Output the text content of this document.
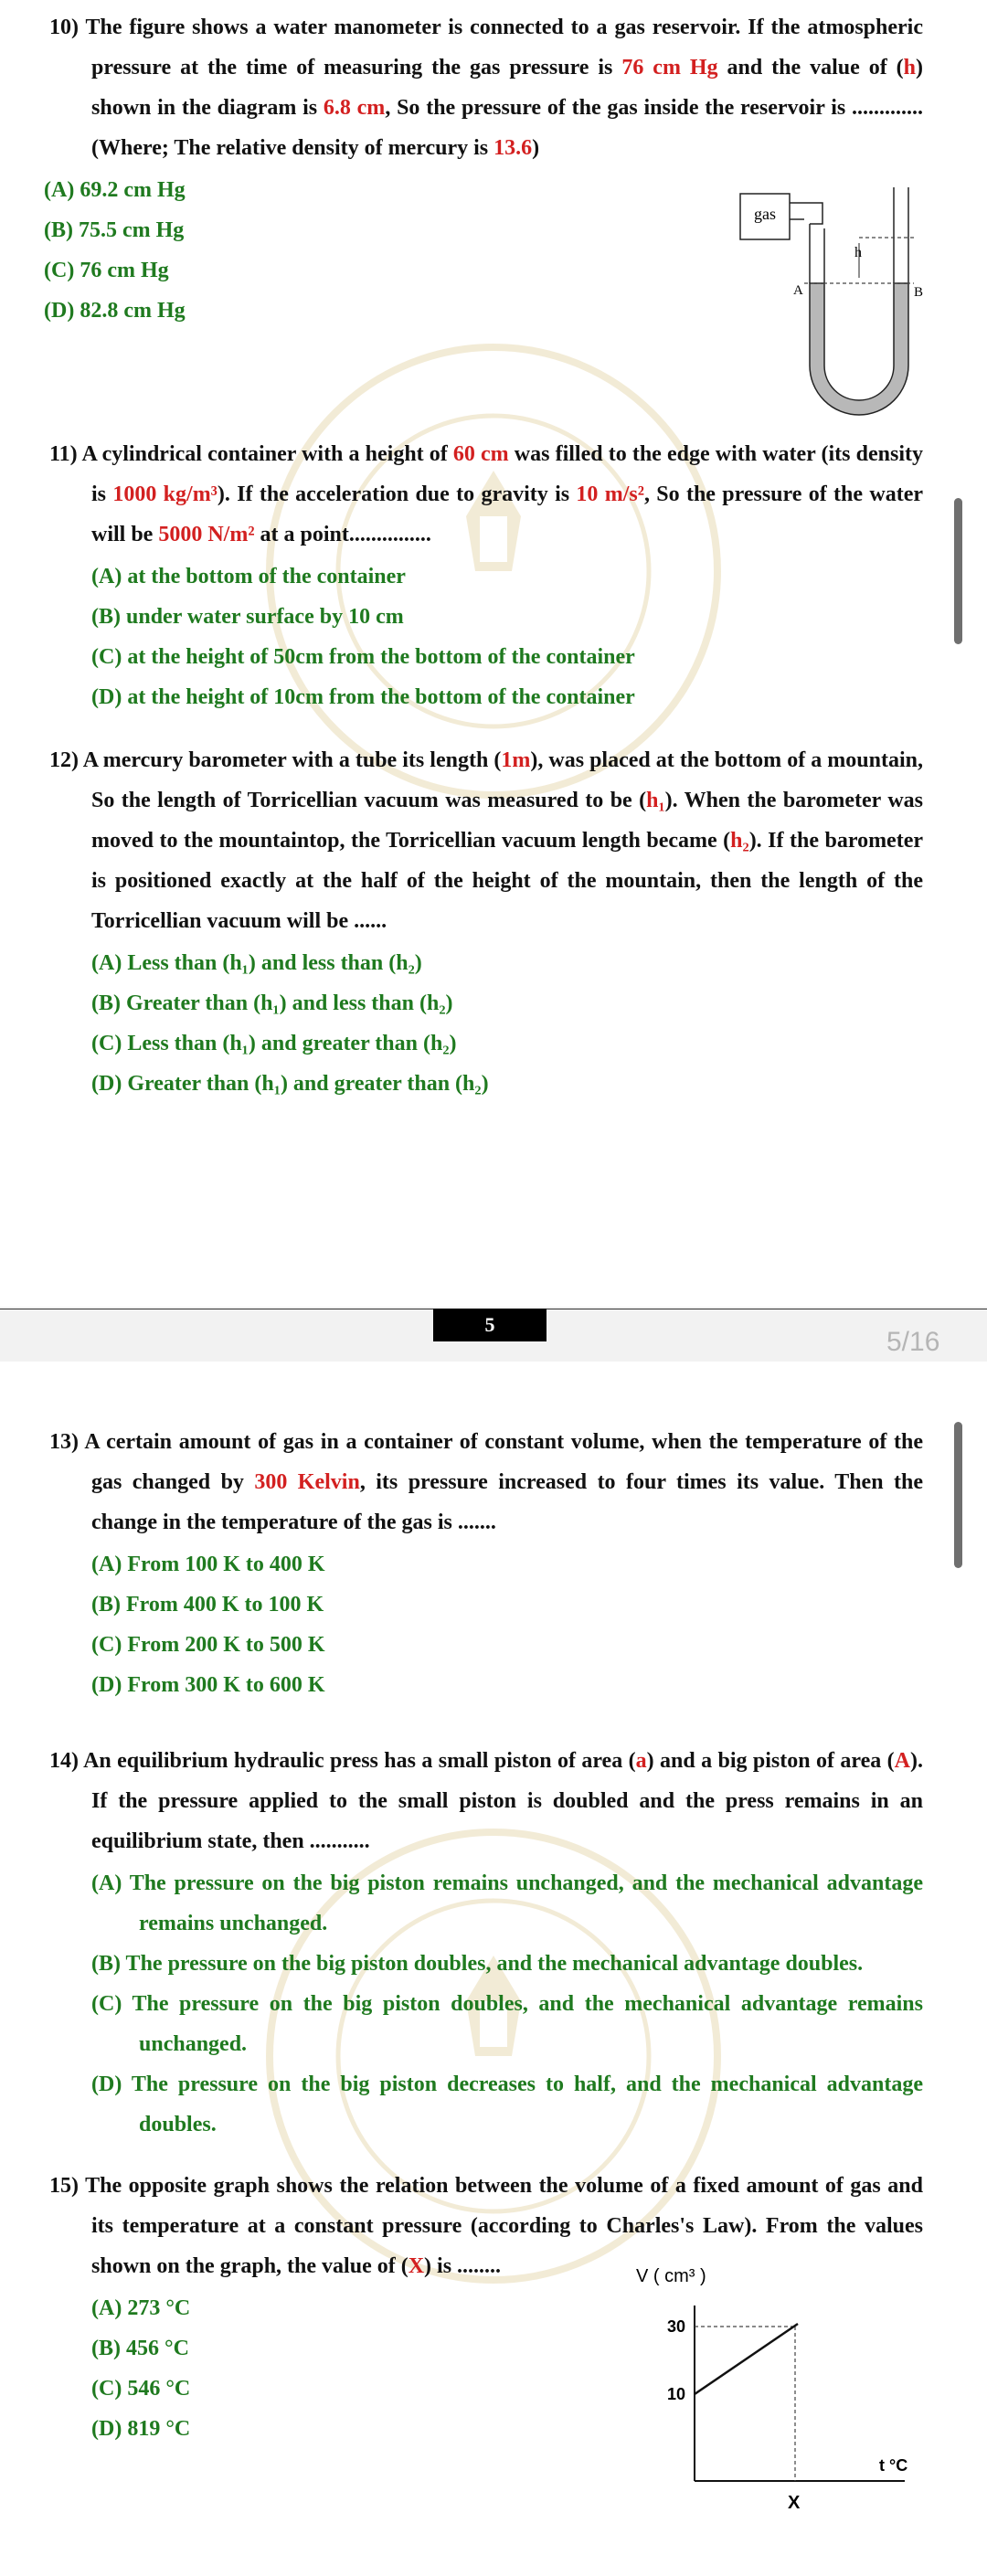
10) The figure shows a water manometer is connected to a gas reservoir. If the atmospheric pressure at the time of measuring the gas pressure is 76 cm Hg and the value of (h) shown in the diagram is 6.8 cm, So the pressure of the gas inside the reservoir is ............. (Where; The relative density of mercury is 13.6)

(A) 69.2 cm Hg

(B) 75.5 cm Hg

(C) 76 cm Hg

(D) 82.8 cm Hg

gas
h
A	B

11) A cylindrical container with a height of 60 cm was filled to the edge with water (its density is 1000 kg/m³). If the acceleration due to gravity is 10 m/s², So the pressure of the water will be 5000 N/m² at a point...............

(A) at the bottom of the container

(B) under water surface by 10 cm

(C) at the height of 50cm from the bottom of the container

(D) at the height of 10cm from the bottom of the container

12) A mercury barometer with a tube its length (1m), was placed at the bottom of a mountain, So the length of Torricellian vacuum was measured to be (h₁). When the barometer was moved to the mountaintop, the Torricellian vacuum length became (h₂). If the barometer is positioned exactly at the half of the height of the mountain, then the length of the Torricellian vacuum will be ......

(A) Less than (h₁) and less than (h₂)

(B) Greater than (h₁) and less than (h₂)

(C) Less than (h₁) and greater than (h₂)

(D) Greater than (h₁) and greater than (h₂)

5
5/16

13) A certain amount of gas in a container of constant volume, when the temperature of the gas changed by 300 Kelvin, its pressure increased to four times its value. Then the change in the temperature of the gas is .......

(A) From 100 K to 400 K

(B) From 400 K to 100 K

(C) From 200 K to 500 K

(D) From 300 K to 600 K

14) An equilibrium hydraulic press has a small piston of area (a) and a big piston of area (A). If the pressure applied to the small piston is doubled and the press remains in an equilibrium state, then ...........

(A) The pressure on the big piston remains unchanged, and the mechanical advantage remains unchanged.

(B) The pressure on the big piston doubles, and the mechanical advantage doubles.

(C) The pressure on the big piston doubles, and the mechanical advantage remains unchanged.

(D) The pressure on the big piston decreases to half, and the mechanical advantage doubles.

15) The opposite graph shows the relation between the volume of a fixed amount of gas and its temperature at a constant pressure (according to Charles's Law). From the values shown on the graph, the value of (X) is ........

(A) 273 °C

(B) 456 °C

(C) 546 °C

(D) 819 °C

V ( cm³ )
30
10
t °C
X
